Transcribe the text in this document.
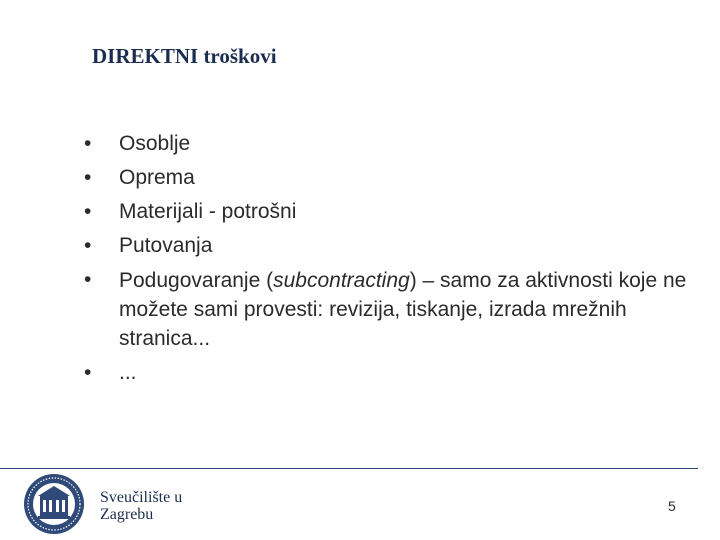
DIREKTNI troškovi
• Osoblje
• Oprema
• Materijali - potrošni
• Putovanja
• Podugovaranje (subcontracting) – samo za aktivnosti koje ne možete sami provesti: revizija, tiskanje, izrada mrežnih stranica...
• ...
Sveučilište u
Zagrebu	5
